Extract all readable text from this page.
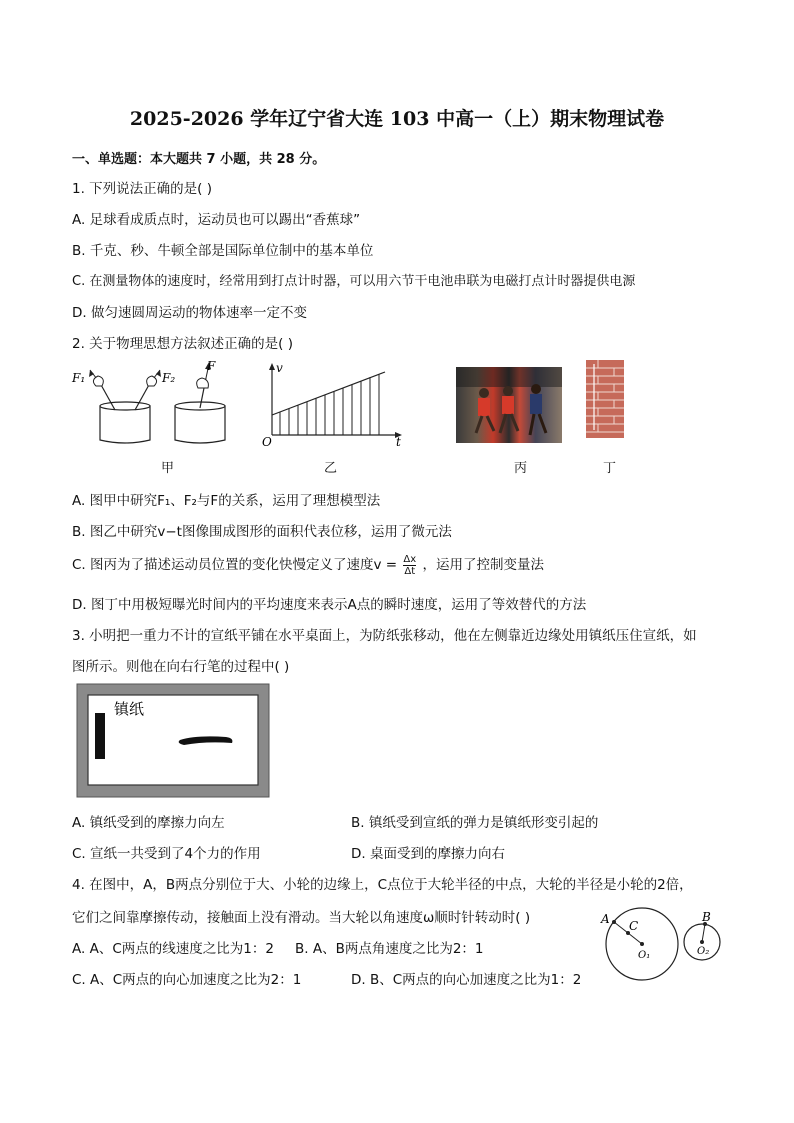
2025-2026 学年辽宁省大连 103 中高一（上）期末物理试卷
一、单选题：本大题共 7 小题，共 28 分。
1. 下列说法正确的是( )
A. 足球看成质点时，运动员也可以踢出“香蕉球”
B. 千克、秒、牛顿全部是国际单位制中的基本单位
C. 在测量物体的速度时，经常用到打点计时器，可以用六节干电池串联为电磁打点计时器提供电源
D. 做匀速圆周运动的物体速率一定不变
2. 关于物理思想方法叙述正确的是( )
F₁	F₂
F
甲
v
O	t
乙	丙	丁
A. 图甲中研究F₁、F₂与F的关系，运用了理想模型法
B. 图乙中研究v−t图像围成图形的面积代表位移，运用了微元法
C. 图丙为了描述运动员位置的变化快慢定义了速度$v = \frac{\Delta x}{\Delta t}$ ，运用了控制变量法
D. 图丁中用极短曝光时间内的平均速度来表示A点的瞬时速度，运用了等效替代的方法
3. 小明把一重力不计的宣纸平铺在水平桌面上，为防纸张移动，他在左侧靠近边缘处用镇纸压住宣纸，如
图所示。则他在向右行笔的过程中( )
镇纸
A. 镇纸受到的摩擦力向左	B. 镇纸受到宣纸的弹力是镇纸形变引起的
C. 宣纸一共受到了4个力的作用	D. 桌面受到的摩擦力向右
4. 在图中，A，B两点分别位于大、小轮的边缘上，C点位于大轮半径的中点，大轮的半径是小轮的2倍，
它们之间靠摩擦传动，接触面上没有滑动。当大轮以角速度ω顺时针转动时( )
A. A、C两点的线速度之比为1：2 B. A、B两点角速度之比为2：1
C. A、C两点的向心加速度之比为2：1	D. B、C两点的向心加速度之比为1：2
A C
O₁
B
O₂
